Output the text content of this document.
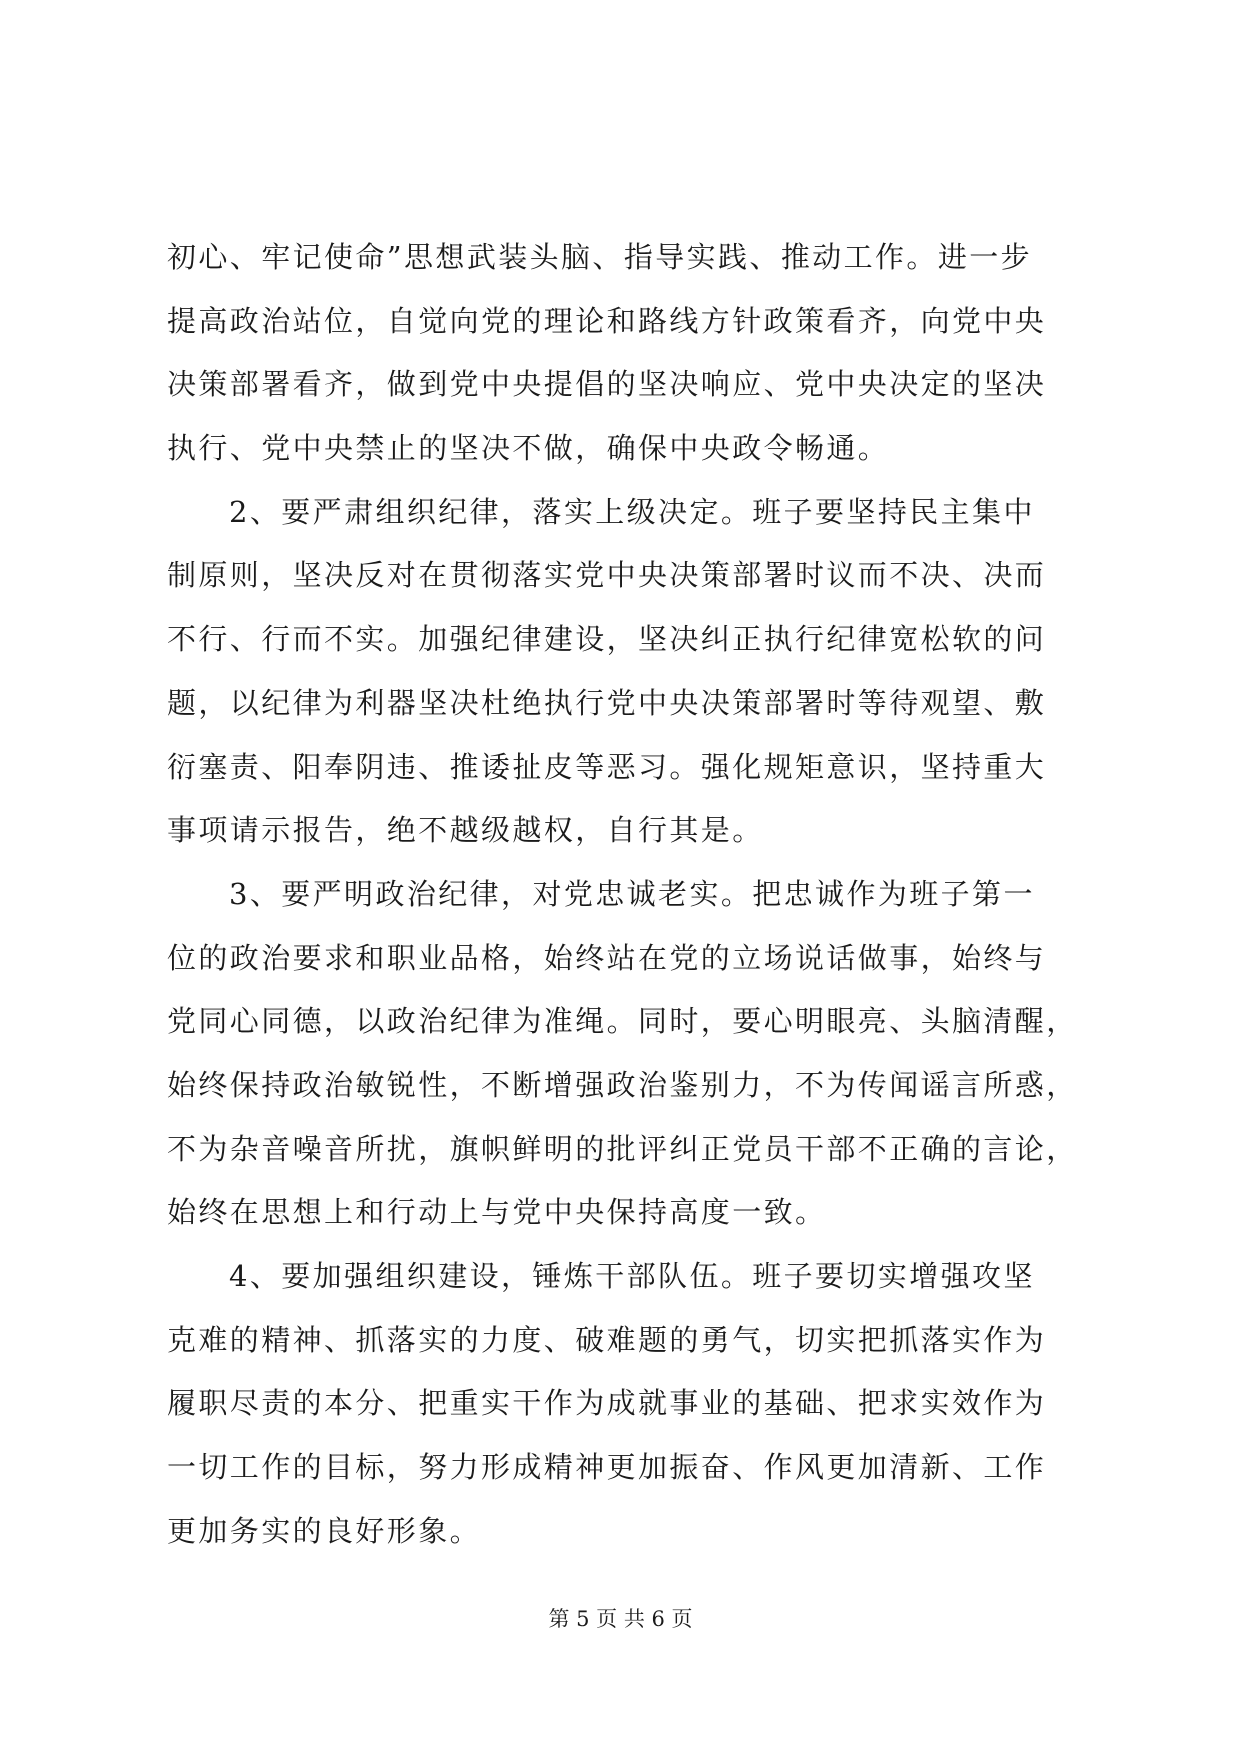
初心、牢记使命”思想武装头脑、指导实践、推动工作。进一步
提高政治站位，自觉向党的理论和路线方针政策看齐，向党中央
决策部署看齐，做到党中央提倡的坚决响应、党中央决定的坚决
执行、党中央禁止的坚决不做，确保中央政令畅通。
2、要严肃组织纪律，落实上级决定。班子要坚持民主集中
制原则，坚决反对在贯彻落实党中央决策部署时议而不决、决而
不行、行而不实。加强纪律建设，坚决纠正执行纪律宽松软的问
题，以纪律为利器坚决杜绝执行党中央决策部署时等待观望、敷
衍塞责、阳奉阴违、推诿扯皮等恶习。强化规矩意识，坚持重大
事项请示报告，绝不越级越权，自行其是。
3、要严明政治纪律，对党忠诚老实。把忠诚作为班子第一
位的政治要求和职业品格，始终站在党的立场说话做事，始终与
党同心同德，以政治纪律为准绳。同时，要心明眼亮、头脑清醒，
始终保持政治敏锐性，不断增强政治鉴别力，不为传闻谣言所惑，
不为杂音噪音所扰，旗帜鲜明的批评纠正党员干部不正确的言论，
始终在思想上和行动上与党中央保持高度一致。
4、要加强组织建设，锤炼干部队伍。班子要切实增强攻坚
克难的精神、抓落实的力度、破难题的勇气，切实把抓落实作为
履职尽责的本分、把重实干作为成就事业的基础、把求实效作为
一切工作的目标，努力形成精神更加振奋、作风更加清新、工作
更加务实的良好形象。
第 5 页 共 6 页
